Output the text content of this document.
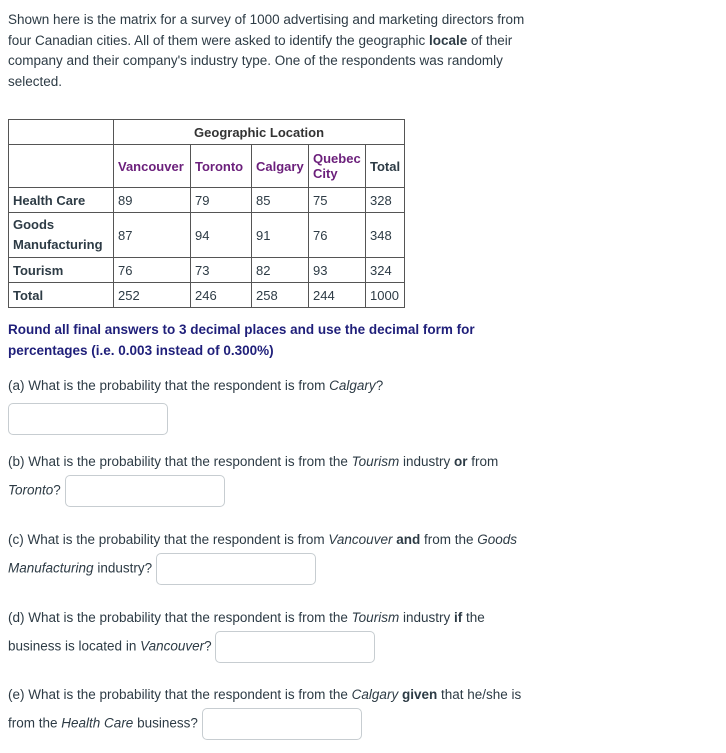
Shown here is the matrix for a survey of 1000 advertising and marketing directors from four Canadian cities. All of them were asked to identify the geographic locale of their company and their company's industry type. One of the respondents was randomly selected.

	Geographic Location				
	Vancouver	Toronto	Calgary	Quebec City	Total
Health Care	89	79	85	75	328
Goods Manufacturing	87	94	91	76	348
Tourism	76	73	82	93	324
Total	252	246	258	244	1000

Round all final answers to 3 decimal places and use the decimal form for percentages (i.e. 0.003 instead of 0.300%)

(a) What is the probability that the respondent is from Calgary?
(b) What is the probability that the respondent is from the Tourism industry or from Toronto?
(c) What is the probability that the respondent is from Vancouver and from the Goods Manufacturing industry?
(d) What is the probability that the respondent is from the Tourism industry if the business is located in Vancouver?
(e) What is the probability that the respondent is from the Calgary given that he/she is from the Health Care business?
